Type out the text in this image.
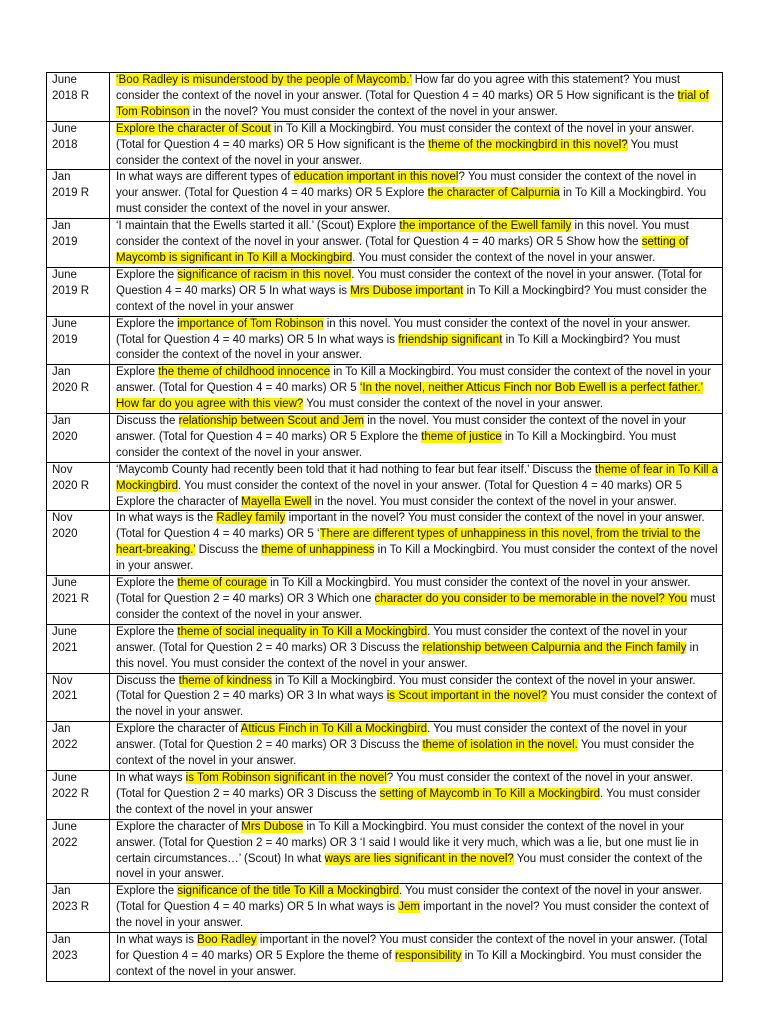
June
2018 R	‘Boo Radley is misunderstood by the people of Maycomb.’ How far do you agree with this statement? You must consider the context of the novel in your answer. (Total for Question 4 = 40 marks) OR 5 How significant is the trial of Tom Robinson in the novel? You must consider the context of the novel in your answer.

June
2018	Explore the character of Scout in To Kill a Mockingbird. You must consider the context of the novel in your answer. (Total for Question 4 = 40 marks) OR 5 How significant is the theme of the mockingbird in this novel? You must consider the context of the novel in your answer.

Jan
2019 R	In what ways are different types of education important in this novel? You must consider the context of the novel in your answer. (Total for Question 4 = 40 marks) OR 5 Explore the character of Calpurnia in To Kill a Mockingbird. You must consider the context of the novel in your answer.

Jan
2019	‘I maintain that the Ewells started it all.’ (Scout) Explore the importance of the Ewell family in this novel. You must consider the context of the novel in your answer. (Total for Question 4 = 40 marks) OR 5 Show how the setting of Maycomb is significant in To Kill a Mockingbird. You must consider the context of the novel in your answer.

June
2019 R	Explore the significance of racism in this novel. You must consider the context of the novel in your answer. (Total for Question 4 = 40 marks) OR 5 In what ways is Mrs Dubose important in To Kill a Mockingbird? You must consider the context of the novel in your answer

June
2019	Explore the importance of Tom Robinson in this novel. You must consider the context of the novel in your answer. (Total for Question 4 = 40 marks) OR 5 In what ways is friendship significant in To Kill a Mockingbird? You must consider the context of the novel in your answer.

Jan
2020 R	Explore the theme of childhood innocence in To Kill a Mockingbird. You must consider the context of the novel in your answer. (Total for Question 4 = 40 marks) OR 5 ‘In the novel, neither Atticus Finch nor Bob Ewell is a perfect father.’ How far do you agree with this view? You must consider the context of the novel in your answer.

Jan
2020	Discuss the relationship between Scout and Jem in the novel. You must consider the context of the novel in your answer. (Total for Question 4 = 40 marks) OR 5 Explore the theme of justice in To Kill a Mockingbird. You must consider the context of the novel in your answer.

Nov
2020 R	‘Maycomb County had recently been told that it had nothing to fear but fear itself.’ Discuss the theme of fear in To Kill a Mockingbird. You must consider the context of the novel in your answer. (Total for Question 4 = 40 marks) OR 5 Explore the character of Mayella Ewell in the novel. You must consider the context of the novel in your answer.

Nov
2020	In what ways is the Radley family important in the novel? You must consider the context of the novel in your answer. (Total for Question 4 = 40 marks) OR 5 ‘There are different types of unhappiness in this novel, from the trivial to the heart-breaking.’ Discuss the theme of unhappiness in To Kill a Mockingbird. You must consider the context of the novel in your answer.

June
2021 R	Explore the theme of courage in To Kill a Mockingbird. You must consider the context of the novel in your answer. (Total for Question 2 = 40 marks) OR 3 Which one character do you consider to be memorable in the novel? You must consider the context of the novel in your answer.

June
2021	Explore the theme of social inequality in To Kill a Mockingbird. You must consider the context of the novel in your answer. (Total for Question 2 = 40 marks) OR 3 Discuss the relationship between Calpurnia and the Finch family in this novel. You must consider the context of the novel in your answer.

Nov
2021	Discuss the theme of kindness in To Kill a Mockingbird. You must consider the context of the novel in your answer. (Total for Question 2 = 40 marks) OR 3 In what ways is Scout important in the novel? You must consider the context of the novel in your answer.

Jan
2022	Explore the character of Atticus Finch in To Kill a Mockingbird. You must consider the context of the novel in your answer. (Total for Question 2 = 40 marks) OR 3 Discuss the theme of isolation in the novel. You must consider the context of the novel in your answer.

June
2022 R	In what ways is Tom Robinson significant in the novel? You must consider the context of the novel in your answer. (Total for Question 2 = 40 marks) OR 3 Discuss the setting of Maycomb in To Kill a Mockingbird. You must consider the context of the novel in your answer

June
2022	Explore the character of Mrs Dubose in To Kill a Mockingbird. You must consider the context of the novel in your answer. (Total for Question 2 = 40 marks) OR 3 ‘I said I would like it very much, which was a lie, but one must lie in certain circumstances…’ (Scout) In what ways are lies significant in the novel? You must consider the context of the novel in your answer.

Jan
2023 R	Explore the significance of the title To Kill a Mockingbird. You must consider the context of the novel in your answer. (Total for Question 4 = 40 marks) OR 5 In what ways is Jem important in the novel? You must consider the context of the novel in your answer.

Jan
2023	In what ways is Boo Radley important in the novel? You must consider the context of the novel in your answer. (Total for Question 4 = 40 marks) OR 5 Explore the theme of responsibility in To Kill a Mockingbird. You must consider the context of the novel in your answer.
